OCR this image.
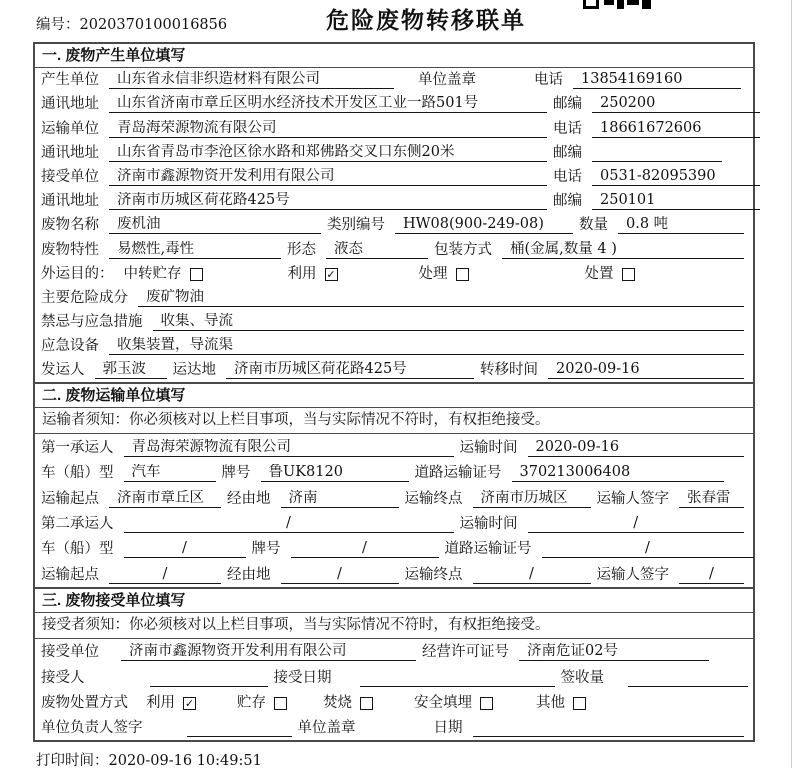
编号：2020370100016856	危险废物转移联单
一. 废物产生单位填写
产生单位	山东省永信非织造材料有限公司	单位盖章	电话	13854169160
通讯地址	山东省济南市章丘区明水经济技术开发区工业一路501号	邮编	250200
运输单位	青岛海荣源物流有限公司	电话	18661672606
通讯地址	山东省青岛市李沧区徐水路和郑佛路交叉口东侧20米	邮编
接受单位	济南市鑫源物资开发利用有限公司	电话	0531-82095390
通讯地址	济南市历城区荷花路425号	邮编	250101
废物名称	废机油	类别编号	HW08(900-249-08)	数量	0.8 吨
废物特性	易燃性,毒性	形态	液态	包装方式	桶(金属,数量 4 )
外运目的： 中转贮存	利用 ✓	处理	处置
主要危险成分	废矿物油
禁忌与应急措施	收集、导流
应急设备	收集装置，导流渠
发运人	郭玉波	运达地	济南市历城区荷花路425号	转移时间	2020-09-16
二. 废物运输单位填写
运输者须知：你必须核对以上栏目事项，当与实际情况不符时，有权拒绝接受。
第一承运人	青岛海荣源物流有限公司	运输时间	2020-09-16
车（船）型	汽车	牌号	鲁UK8120	道路运输证号	370213006408
运输起点	济南市章丘区	经由地	济南	运输终点	济南市历城区	运输人签字	张春雷
第二承运人	/	运输时间	/
车（船）型	/	牌号	/	道路运输证号	/
运输起点	/	经由地	/	运输终点	/	运输人签字	/
三. 废物接受单位填写
接受者须知：你必须核对以上栏目事项，当与实际情况不符时，有权拒绝接受。
接受单位	济南市鑫源物资开发利用有限公司	经营许可证号	济南危证02号
接受人	接受日期	签收量
废物处置方式 利用 ✓	贮存	焚烧	安全填埋	其他
单位负责人签字	单位盖章	日期
打印时间：2020-09-16 10:49:51
